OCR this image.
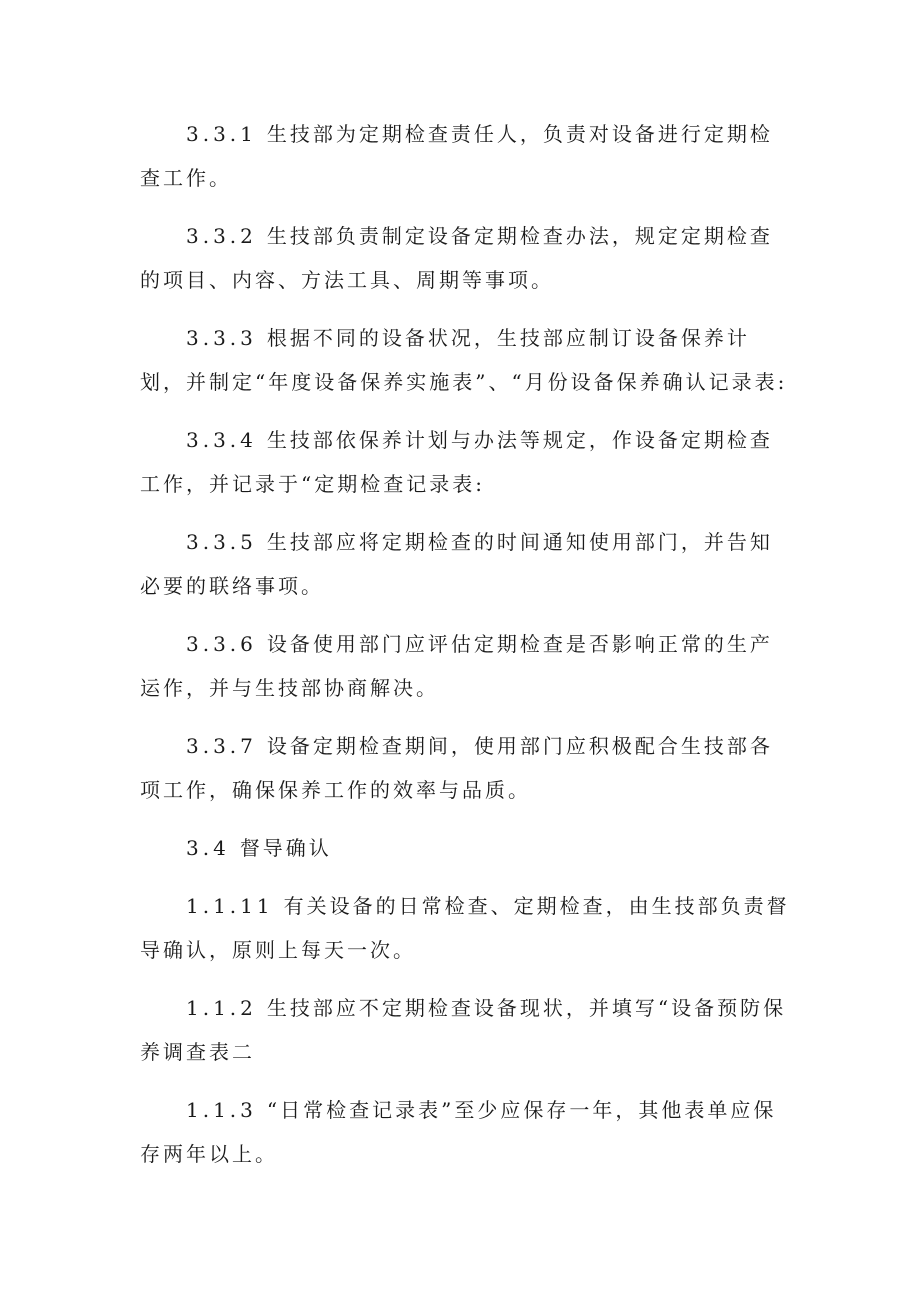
3.3.1 生技部为定期检查责任人，负责对设备进行定期检查工作。

3.3.2 生技部负责制定设备定期检查办法，规定定期检查的项目、内容、方法工具、周期等事项。

3.3.3 根据不同的设备状况，生技部应制订设备保养计划，并制定“年度设备保养实施表”、“月份设备保养确认记录表:

3.3.4 生技部依保养计划与办法等规定，作设备定期检查工作，并记录于“定期检查记录表:

3.3.5 生技部应将定期检查的时间通知使用部门，并告知必要的联络事项。

3.3.6 设备使用部门应评估定期检查是否影响正常的生产运作，并与生技部协商解决。

3.3.7 设备定期检查期间，使用部门应积极配合生技部各项工作，确保保养工作的效率与品质。

3.4 督导确认

1.1.11 有关设备的日常检查、定期检查，由生技部负责督导确认，原则上每天一次。

1.1.2 生技部应不定期检查设备现状，并填写“设备预防保养调查表二

1.1.3 “日常检查记录表”至少应保存一年，其他表单应保存两年以上。
